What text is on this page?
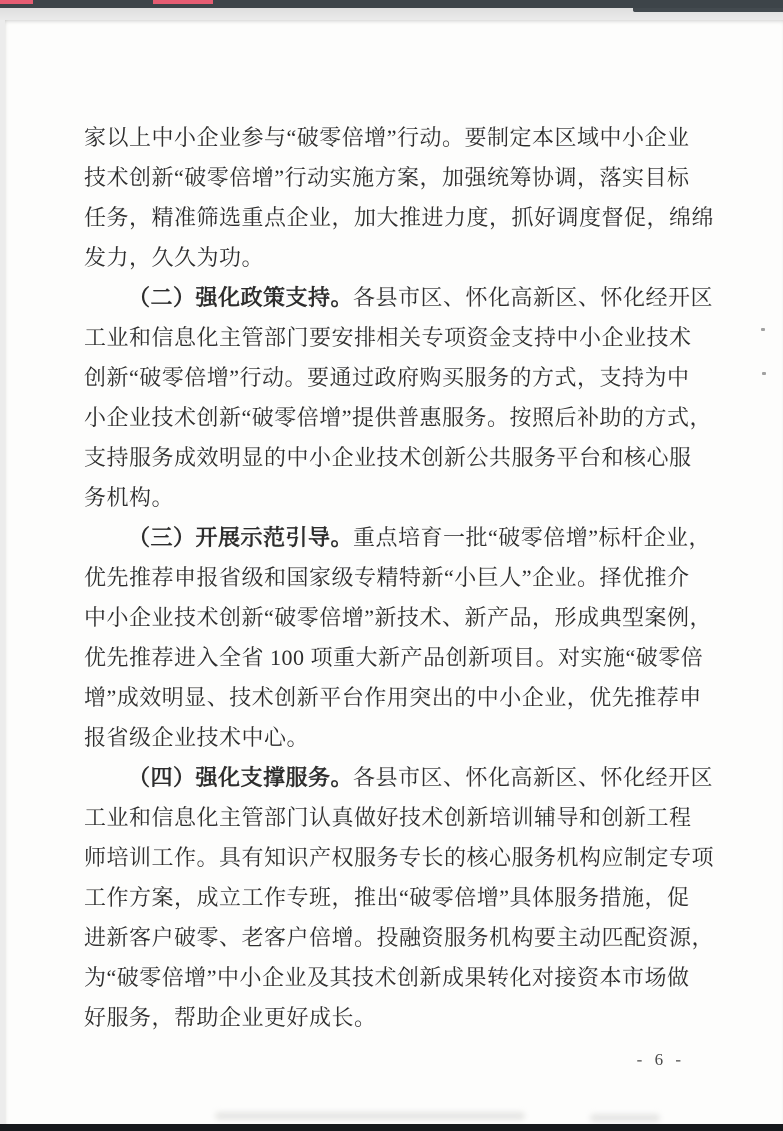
家以上中小企业参与“破零倍增”行动。要制定本区域中小企业
技术创新“破零倍增”行动实施方案，加强统筹协调，落实目标
任务，精准筛选重点企业，加大推进力度，抓好调度督促，绵绵
发力，久久为功。
（二）强化政策支持。各县市区、怀化高新区、怀化经开区
工业和信息化主管部门要安排相关专项资金支持中小企业技术
创新“破零倍增”行动。要通过政府购买服务的方式，支持为中
小企业技术创新“破零倍增”提供普惠服务。按照后补助的方式，
支持服务成效明显的中小企业技术创新公共服务平台和核心服
务机构。
（三）开展示范引导。重点培育一批“破零倍增”标杆企业，
优先推荐申报省级和国家级专精特新“小巨人”企业。择优推介
中小企业技术创新“破零倍增”新技术、新产品，形成典型案例，
优先推荐进入全省 100 项重大新产品创新项目。对实施“破零倍
增”成效明显、技术创新平台作用突出的中小企业，优先推荐申
报省级企业技术中心。
（四）强化支撑服务。各县市区、怀化高新区、怀化经开区
工业和信息化主管部门认真做好技术创新培训辅导和创新工程
师培训工作。具有知识产权服务专长的核心服务机构应制定专项
工作方案，成立工作专班，推出“破零倍增”具体服务措施，促
进新客户破零、老客户倍增。投融资服务机构要主动匹配资源，
为“破零倍增”中小企业及其技术创新成果转化对接资本市场做
好服务，帮助企业更好成长。
- 6 -
